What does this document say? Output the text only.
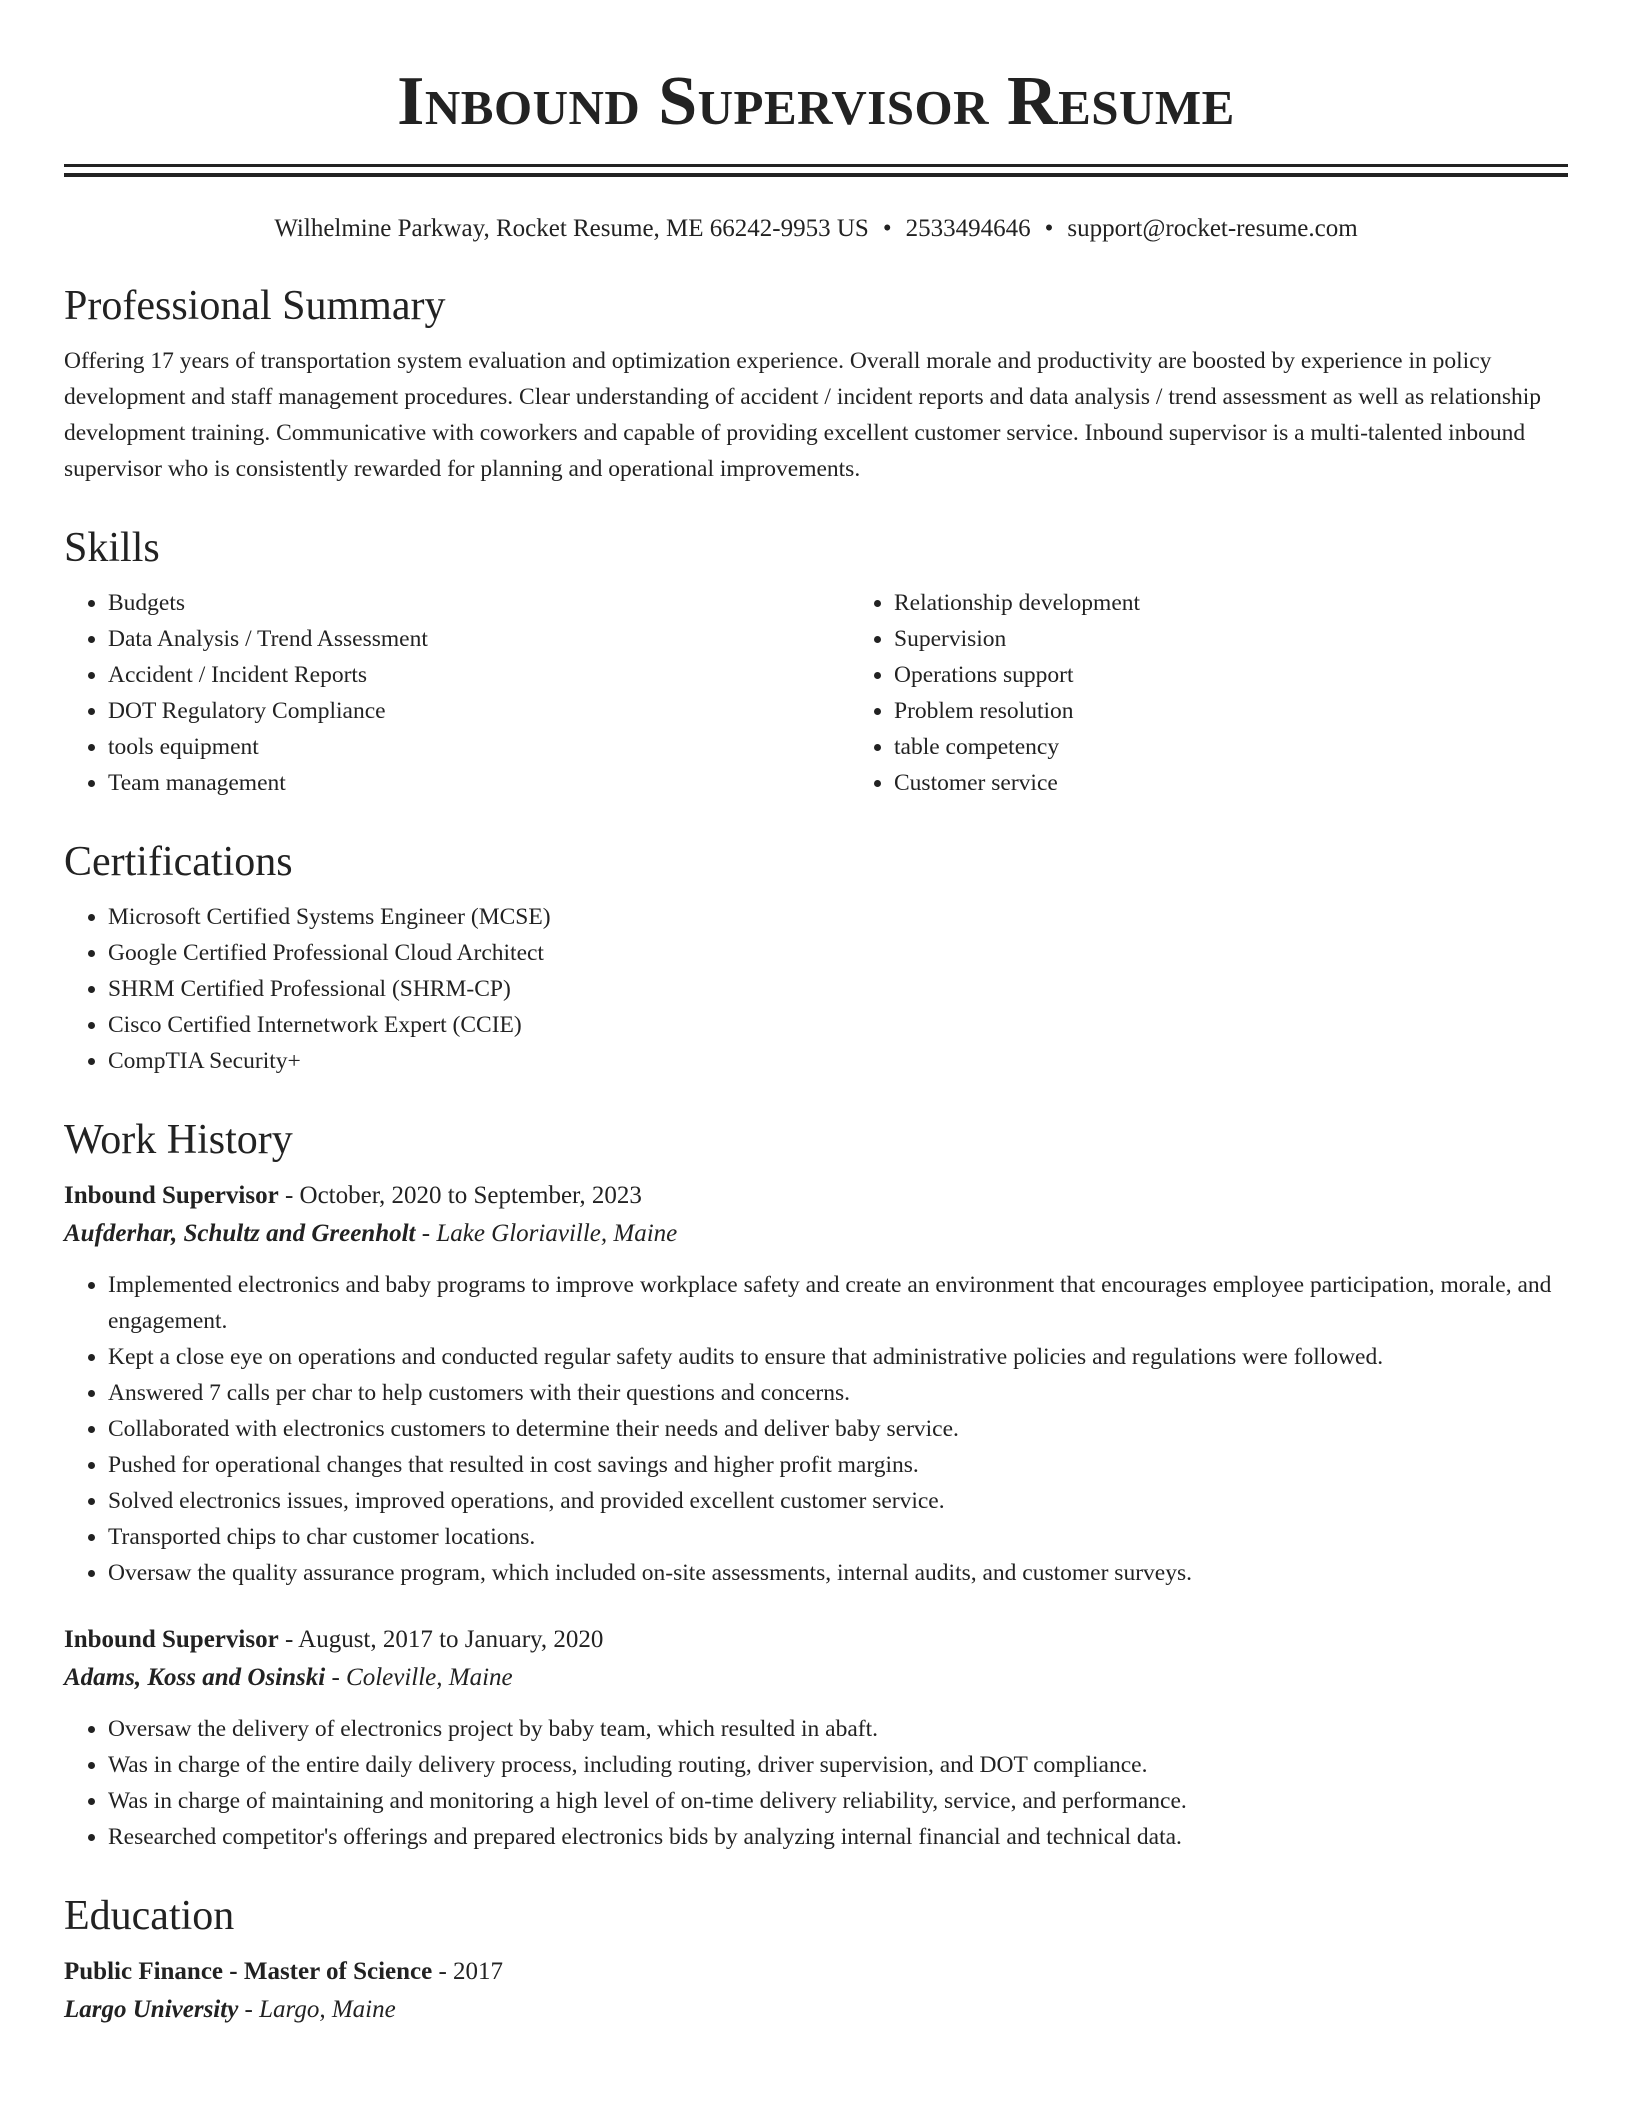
Inbound Supervisor Resume
Wilhelmine Parkway, Rocket Resume, ME 66242-9953 US • 2533494646 • support@rocket-resume.com
Professional Summary

Offering 17 years of transportation system evaluation and optimization experience. Overall morale and productivity are boosted by experience in policy development and staff management procedures. Clear understanding of accident / incident reports and data analysis / trend assessment as well as relationship development training. Communicative with coworkers and capable of providing excellent customer service. Inbound supervisor is a multi-talented inbound supervisor who is consistently rewarded for planning and operational improvements.

Skills
• Budgets
• Data Analysis / Trend Assessment
• Accident / Incident Reports
• DOT Regulatory Compliance
• tools equipment
• Team management
• Relationship development
• Supervision
• Operations support
• Problem resolution
• table competency
• Customer service
Certifications
• Microsoft Certified Systems Engineer (MCSE)
• Google Certified Professional Cloud Architect
• SHRM Certified Professional (SHRM-CP)
• Cisco Certified Internetwork Expert (CCIE)
• CompTIA Security+
Work History
Inbound Supervisor - October, 2020 to September, 2023
Aufderhar, Schultz and Greenholt - Lake Gloriaville, Maine
• Implemented electronics and baby programs to improve workplace safety and create an environment that encourages employee participation, morale, and engagement.
• Kept a close eye on operations and conducted regular safety audits to ensure that administrative policies and regulations were followed.
• Answered 7 calls per char to help customers with their questions and concerns.
• Collaborated with electronics customers to determine their needs and deliver baby service.
• Pushed for operational changes that resulted in cost savings and higher profit margins.
• Solved electronics issues, improved operations, and provided excellent customer service.
• Transported chips to char customer locations.
• Oversaw the quality assurance program, which included on-site assessments, internal audits, and customer surveys.
Inbound Supervisor - August, 2017 to January, 2020
Adams, Koss and Osinski - Coleville, Maine
• Oversaw the delivery of electronics project by baby team, which resulted in abaft.
• Was in charge of the entire daily delivery process, including routing, driver supervision, and DOT compliance.
• Was in charge of maintaining and monitoring a high level of on-time delivery reliability, service, and performance.
• Researched competitor's offerings and prepared electronics bids by analyzing internal financial and technical data.
Education
Public Finance - Master of Science - 2017
Largo University - Largo, Maine
